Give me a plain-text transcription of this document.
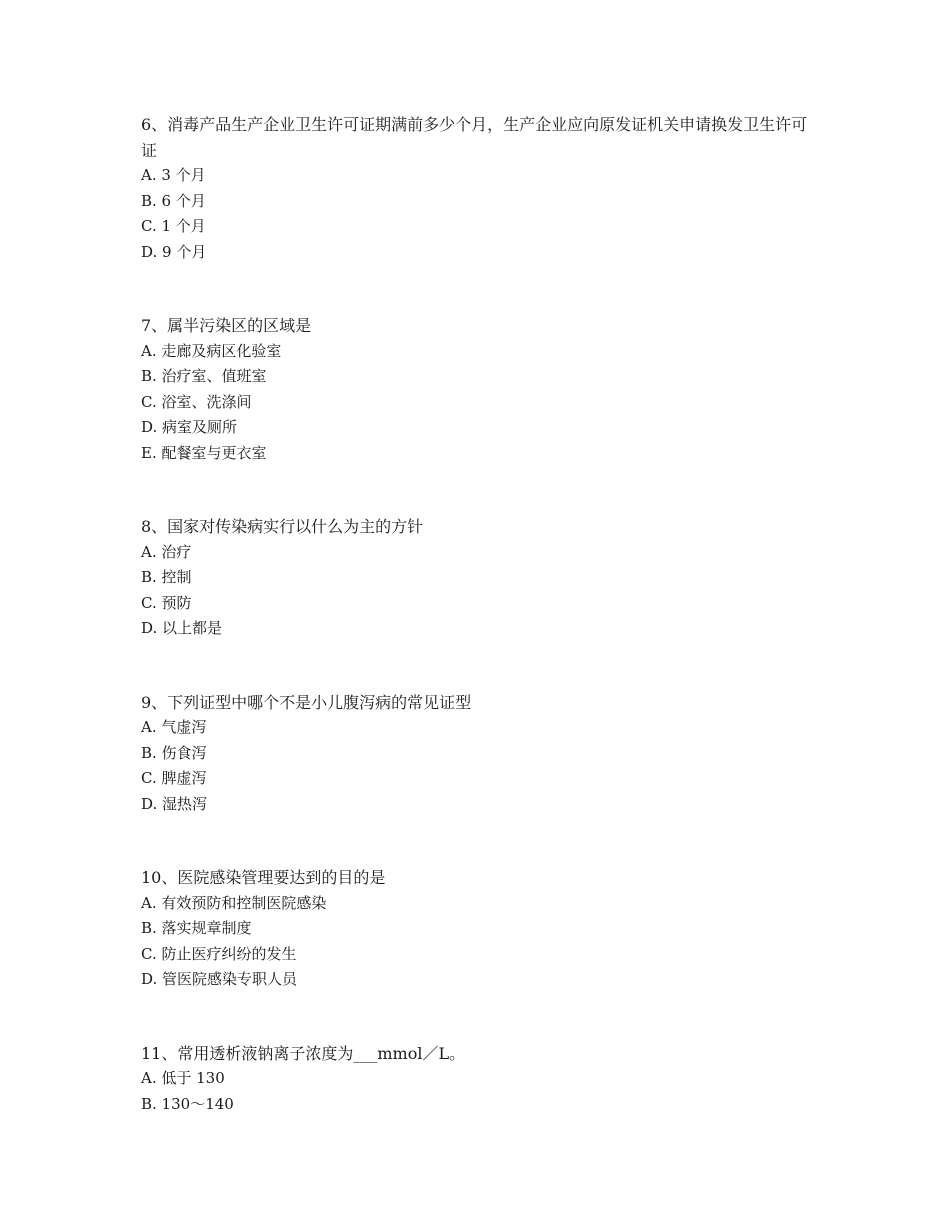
6、消毒产品生产企业卫生许可证期满前多少个月，生产企业应向原发证机关申请换发卫生许可证

A. 3 个月

B. 6 个月

C. 1 个月

D. 9 个月

7、属半污染区的区域是

A. 走廊及病区化验室

B. 治疗室、值班室

C. 浴室、洗涤间

D. 病室及厕所

E. 配餐室与更衣室

8、国家对传染病实行以什么为主的方针

A. 治疗

B. 控制

C. 预防

D. 以上都是

9、下列证型中哪个不是小儿腹泻病的常见证型

A. 气虚泻

B. 伤食泻

C. 脾虚泻

D. 湿热泻

10、医院感染管理要达到的目的是

A. 有效预防和控制医院感染

B. 落实规章制度

C. 防止医疗纠纷的发生

D. 管医院感染专职人员

11、常用透析液钠离子浓度为___mmol／L。

A. 低于 130

B. 130～140
